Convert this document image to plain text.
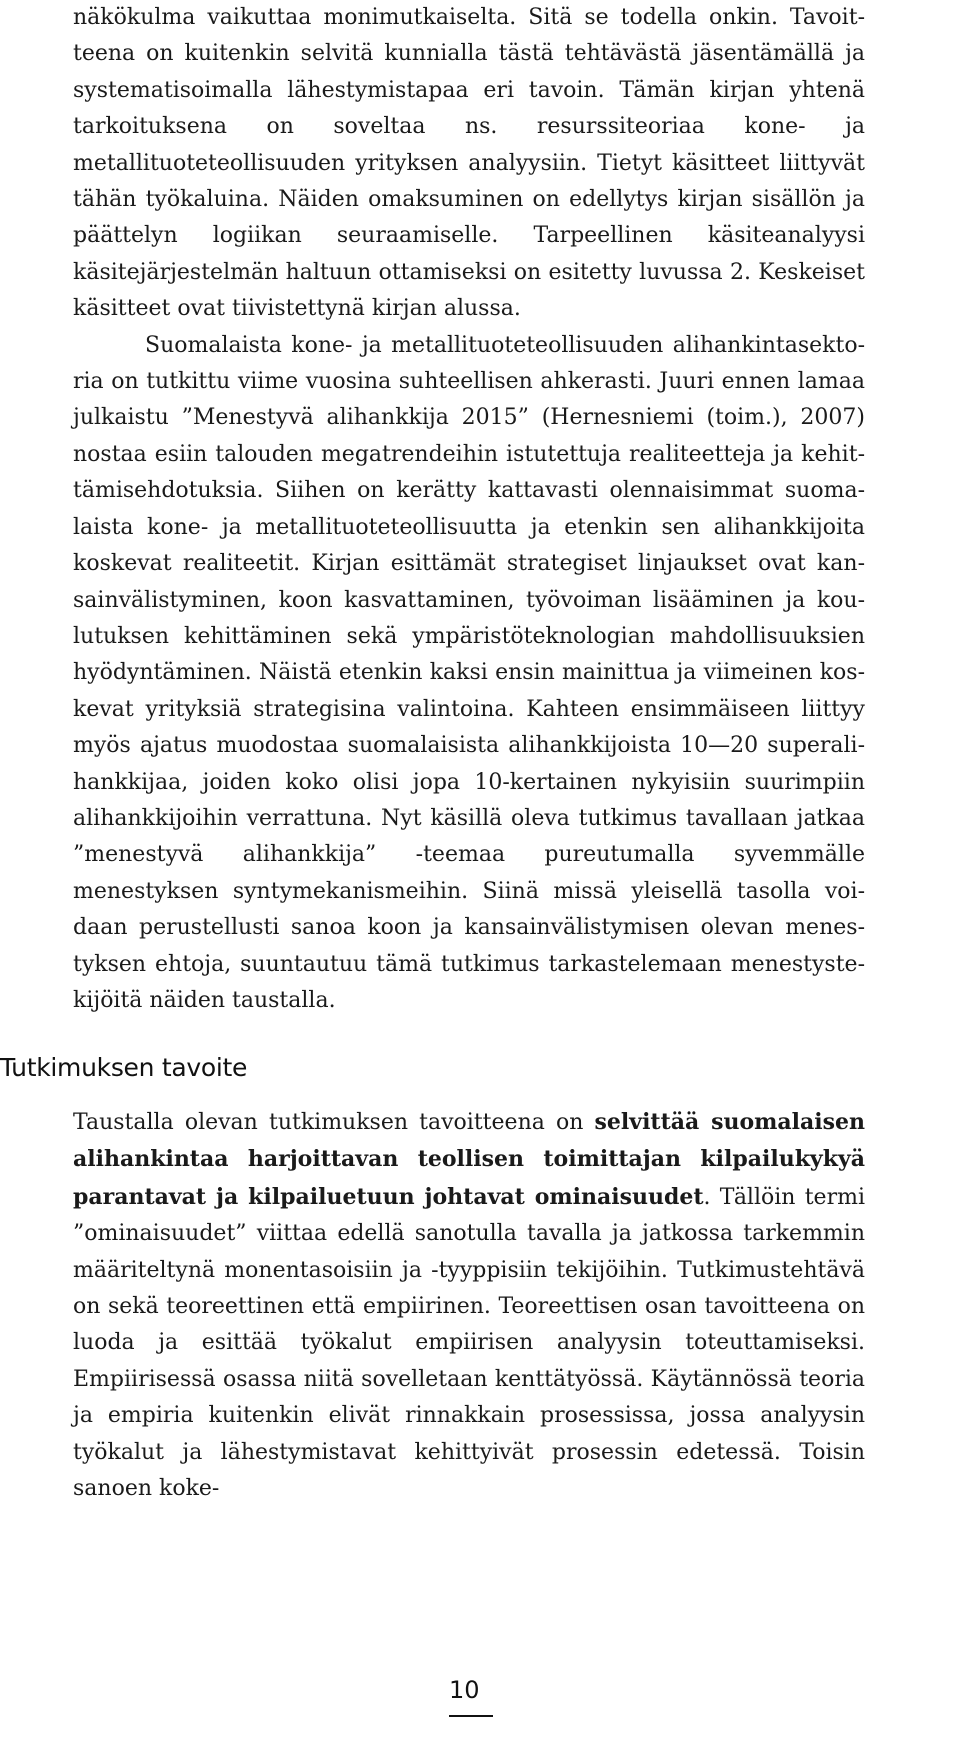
näkökulma vaikuttaa monimutkaiselta. Sitä se todella onkin. Tavoitteena on kuitenkin selvitä kunnialla tästä tehtävästä jäsentämällä ja systematisoimalla lähestymistapaa eri tavoin. Tämän kirjan yhtenä tarkoituksena on soveltaa ns. resurssiteoriaa kone- ja metallituoteteollisuuden yrityksen analyysiin. Tietyt käsitteet liittyvät tähän työkaluina. Näiden omaksuminen on edellytys kirjan sisällön ja päättelyn logiikan seuraamiselle. Tarpeellinen käsiteanalyysi käsitejärjestelmän haltuun ottamiseksi on esitetty luvussa 2. Keskeiset käsitteet ovat tiivistettynä kirjan alussa.

Suomalaista kone- ja metallituoteteollisuuden alihankintasektoria on tutkittu viime vuosina suhteellisen ahkerasti. Juuri ennen lamaa julkaistu ”Menestyvä alihankkija 2015” (Hernesniemi (toim.), 2007) nostaa esiin talouden megatrendeihin istutettuja realiteetteja ja kehittämisehdotuksia. Siihen on kerätty kattavasti olennaisimmat suomalaista kone- ja metallituoteteollisuutta ja etenkin sen alihankkijoita koskevat realiteetit. Kirjan esittämät strategiset linjaukset ovat kansainvälistyminen, koon kasvattaminen, työvoiman lisääminen ja koulutuksen kehittäminen sekä ympäristöteknologian mahdollisuuksien hyödyntäminen. Näistä etenkin kaksi ensin mainittua ja viimeinen koskevat yrityksiä strategisina valintoina. Kahteen ensimmäiseen liittyy myös ajatus muodostaa suomalaisista alihankkijoista 10—20 superalihankkijaa, joiden koko olisi jopa 10-kertainen nykyisiin suurimpiin alihankkijoihin verrattuna. Nyt käsillä oleva tutkimus tavallaan jatkaa ”menestyvä alihankkija” -teemaa pureutumalla syvemmälle menestyksen syntymekanismeihin. Siinä missä yleisellä tasolla voidaan perustellusti sanoa koon ja kansainvälistymisen olevan menestyksen ehtoja, suuntautuu tämä tutkimus tarkastelemaan menestystekijöitä näiden taustalla.

Tutkimuksen tavoite

Taustalla olevan tutkimuksen tavoitteena on selvittää suomalaisen alihankintaa harjoittavan teollisen toimittajan kilpailukykyä parantavat ja kilpailuetuun johtavat ominaisuudet. Tällöin termi ”ominaisuudet” viittaa edellä sanotulla tavalla ja jatkossa tarkemmin määriteltynä monentasoisiin ja -tyyppisiin tekijöihin. Tutkimustehtävä on sekä teoreettinen että empiirinen. Teoreettisen osan tavoitteena on luoda ja esittää työkalut empiirisen analyysin toteuttamiseksi. Empiirisessä osassa niitä sovelletaan kenttätyössä. Käytännössä teoria ja empiria kuitenkin elivät rinnakkain prosessissa, jossa analyysin työkalut ja lähestymistavat kehittyivät prosessin edetessä. Toisin sanoen koke-

10
